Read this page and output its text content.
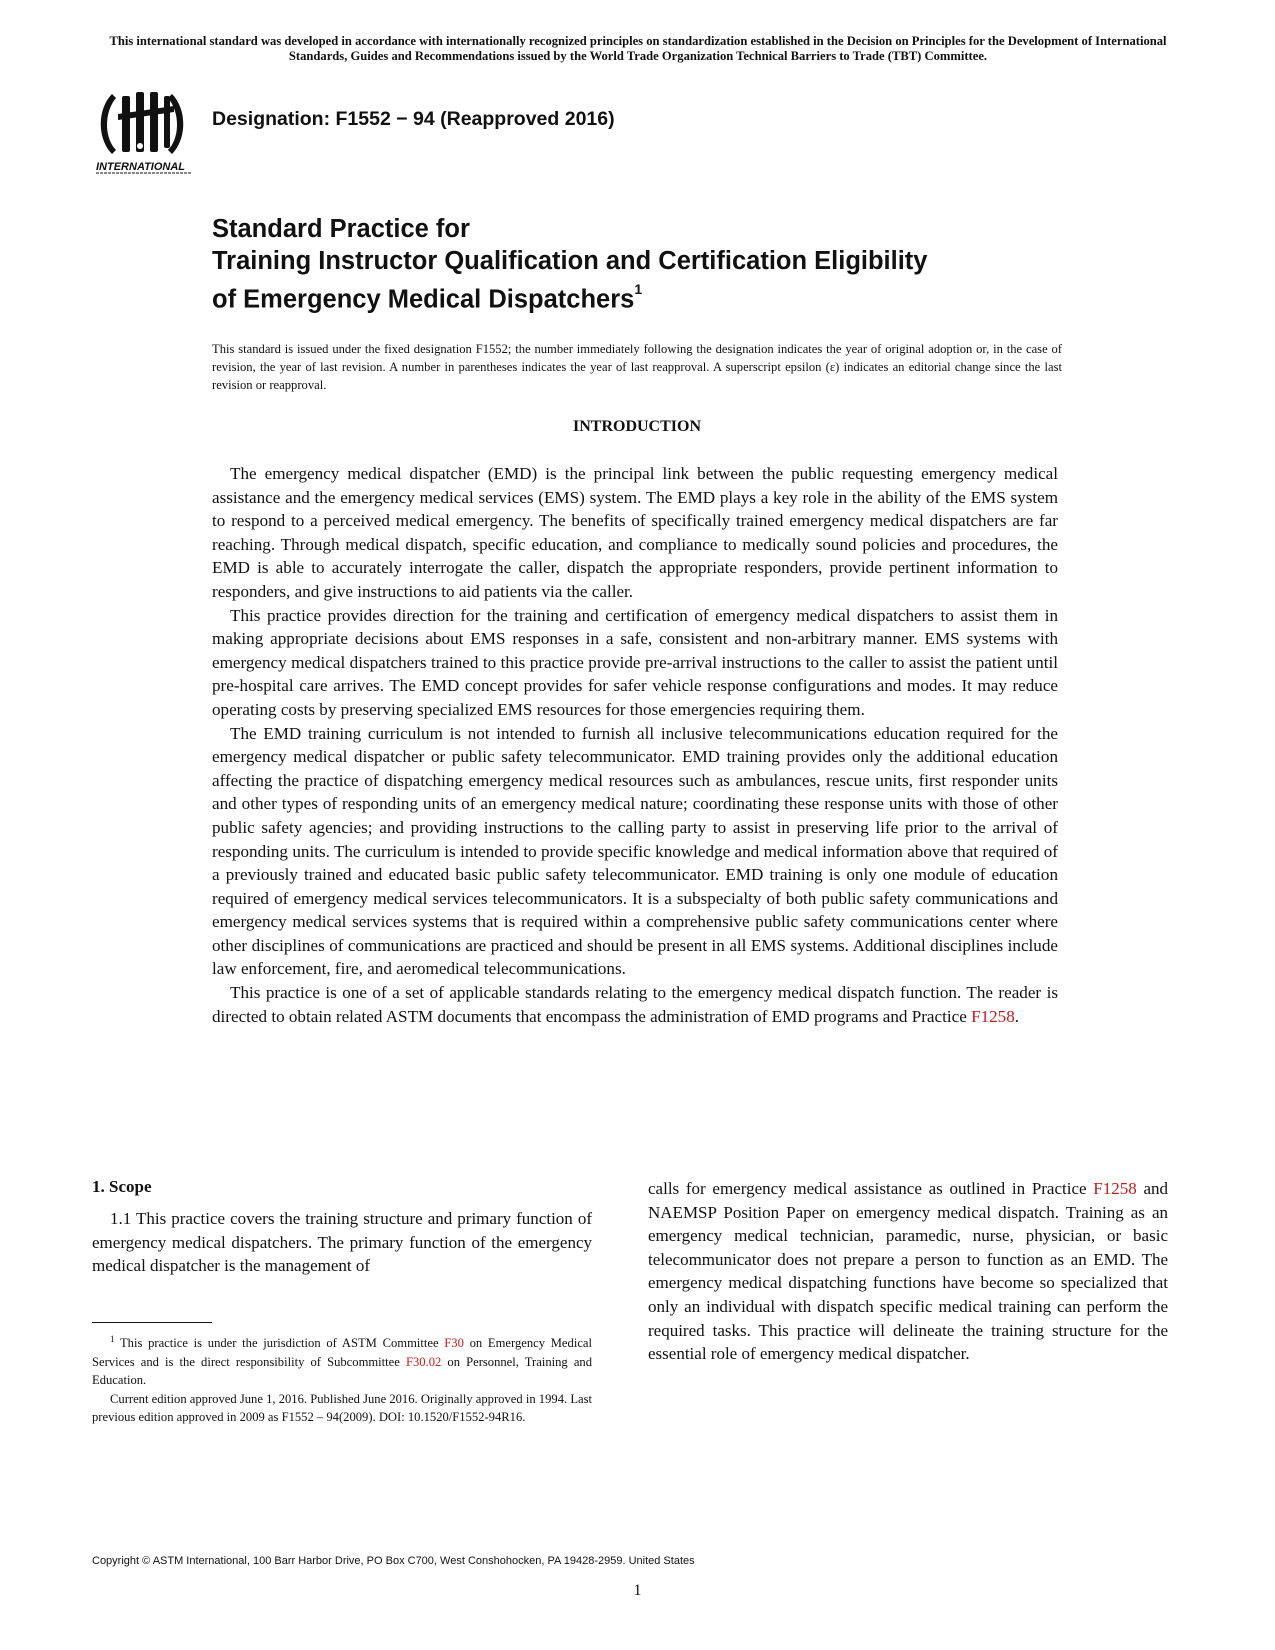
This international standard was developed in accordance with internationally recognized principles on standardization established in the Decision on Principles for the Development of International Standards, Guides and Recommendations issued by the World Trade Organization Technical Barriers to Trade (TBT) Committee.
INTERNATIONAL
Designation: F1552 − 94 (Reapproved 2016)
Standard Practice for
Training Instructor Qualification and Certification Eligibility
of Emergency Medical Dispatchers$^1$
This standard is issued under the fixed designation F1552; the number immediately following the designation indicates the year of original adoption or, in the case of revision, the year of last revision. A number in parentheses indicates the year of last reapproval. A superscript epsilon (ε) indicates an editorial change since the last revision or reapproval.
INTRODUCTION

The emergency medical dispatcher (EMD) is the principal link between the public requesting emergency medical assistance and the emergency medical services (EMS) system. The EMD plays a key role in the ability of the EMS system to respond to a perceived medical emergency. The benefits of specifically trained emergency medical dispatchers are far reaching. Through medical dispatch, specific education, and compliance to medically sound policies and procedures, the EMD is able to accurately interrogate the caller, dispatch the appropriate responders, provide pertinent information to responders, and give instructions to aid patients via the caller.

This practice provides direction for the training and certification of emergency medical dispatchers to assist them in making appropriate decisions about EMS responses in a safe, consistent and non-arbitrary manner. EMS systems with emergency medical dispatchers trained to this practice provide pre-arrival instructions to the caller to assist the patient until pre-hospital care arrives. The EMD concept provides for safer vehicle response configurations and modes. It may reduce operating costs by preserving specialized EMS resources for those emergencies requiring them.

The EMD training curriculum is not intended to furnish all inclusive telecommunications education required for the emergency medical dispatcher or public safety telecommunicator. EMD training provides only the additional education affecting the practice of dispatching emergency medical resources such as ambulances, rescue units, first responder units and other types of responding units of an emergency medical nature; coordinating these response units with those of other public safety agencies; and providing instructions to the calling party to assist in preserving life prior to the arrival of responding units. The curriculum is intended to provide specific knowledge and medical information above that required of a previously trained and educated basic public safety telecommunicator. EMD training is only one module of education required of emergency medical services telecommunicators. It is a subspecialty of both public safety communications and emergency medical services systems that is required within a comprehensive public safety communications center where other disciplines of communications are practiced and should be present in all EMS systems. Additional disciplines include law enforcement, fire, and aeromedical telecommunications.

This practice is one of a set of applicable standards relating to the emergency medical dispatch function. The reader is directed to obtain related ASTM documents that encompass the administration of EMD programs and Practice F1258.

1. Scope

1.1 This practice covers the training structure and primary function of emergency medical dispatchers. The primary function of the emergency medical dispatcher is the management of

$^1$ This practice is under the jurisdiction of ASTM Committee F30 on Emergency Medical Services and is the direct responsibility of Subcommittee F30.02 on Personnel, Training and Education.

Current edition approved June 1, 2016. Published June 2016. Originally approved in 1994. Last previous edition approved in 2009 as F1552 – 94(2009). DOI: 10.1520/F1552-94R16.

calls for emergency medical assistance as outlined in Practice F1258 and NAEMSP Position Paper on emergency medical dispatch. Training as an emergency medical technician, paramedic, nurse, physician, or basic telecommunicator does not prepare a person to function as an EMD. The emergency medical dispatching functions have become so specialized that only an individual with dispatch specific medical training can perform the required tasks. This practice will delineate the training structure for the essential role of emergency medical dispatcher.

Copyright © ASTM International, 100 Barr Harbor Drive, PO Box C700, West Conshohocken, PA 19428-2959. United States
1
